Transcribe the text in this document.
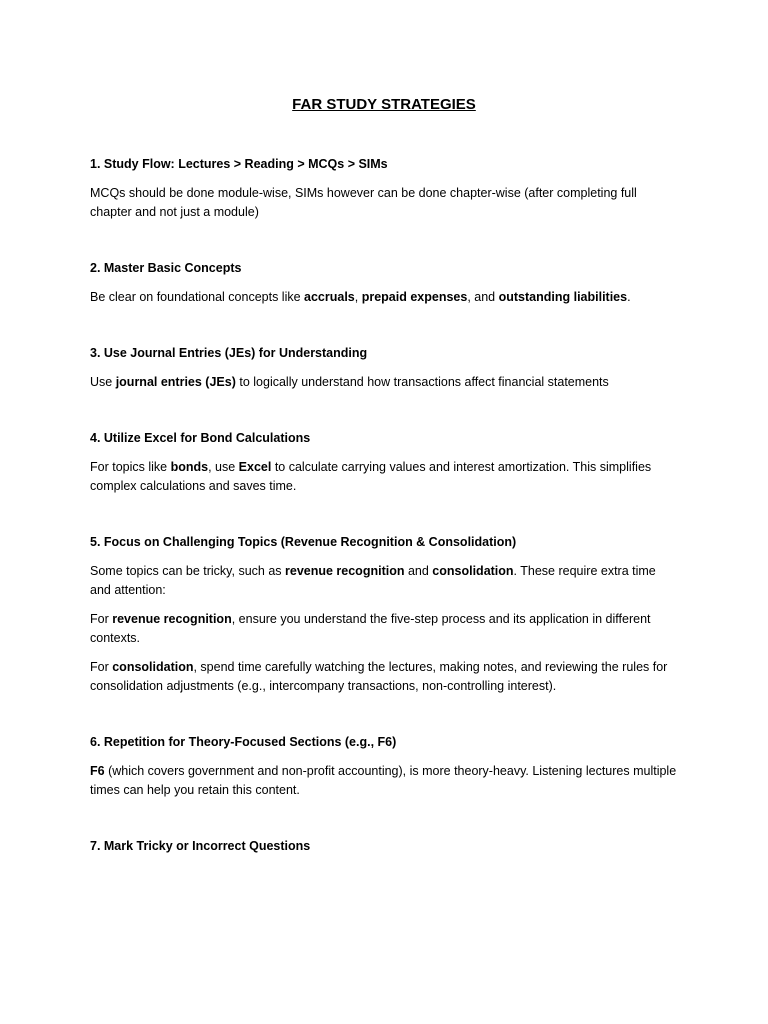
FAR STUDY STRATEGIES
1. Study Flow: Lectures > Reading > MCQs > SIMs

MCQs should be done module-wise, SIMs however can be done chapter-wise (after completing full chapter and not just a module)

2. Master Basic Concepts

Be clear on foundational concepts like accruals, prepaid expenses, and outstanding liabilities.

3. Use Journal Entries (JEs) for Understanding

Use journal entries (JEs) to logically understand how transactions affect financial statements

4. Utilize Excel for Bond Calculations

For topics like bonds, use Excel to calculate carrying values and interest amortization. This simplifies complex calculations and saves time.

5. Focus on Challenging Topics (Revenue Recognition & Consolidation)

Some topics can be tricky, such as revenue recognition and consolidation. These require extra time and attention:

For revenue recognition, ensure you understand the five-step process and its application in different contexts.

For consolidation, spend time carefully watching the lectures, making notes, and reviewing the rules for consolidation adjustments (e.g., intercompany transactions, non-controlling interest).

6. Repetition for Theory-Focused Sections (e.g., F6)

F6 (which covers government and non-profit accounting), is more theory-heavy. Listening lectures multiple times can help you retain this content.

7. Mark Tricky or Incorrect Questions
